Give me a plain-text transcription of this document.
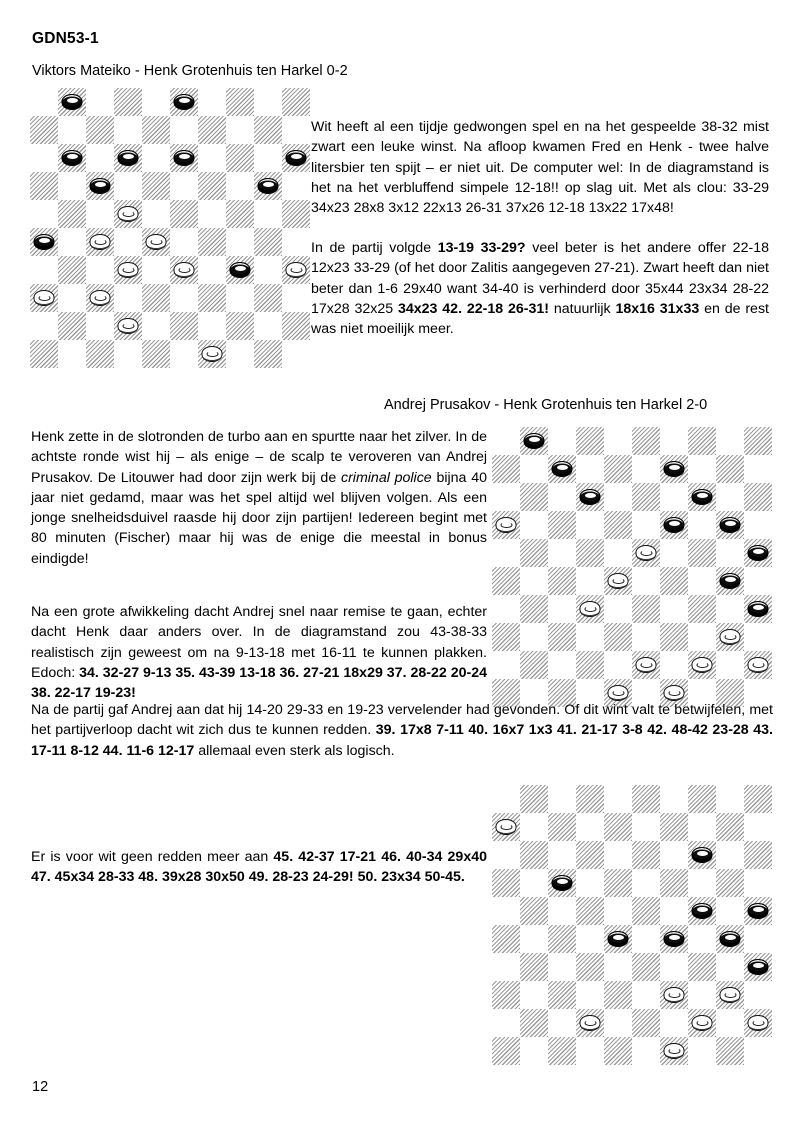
GDN53-1
Viktors Mateiko - Henk Grotenhuis ten Harkel 0-2
Wit heeft al een tijdje gedwongen spel en na het gespeelde 38-32 mist zwart een leuke winst. Na afloop kwamen Fred en Henk - twee halve litersbier ten spijt – er niet uit. De computer wel: In de diagramstand is het na het verbluffend simpele 12-18!! op slag uit. Met als clou: 33-29 34x23 28x8 3x12 22x13 26-31 37x26 12-18 13x22 17x48!
In de partij volgde 13-19 33-29? veel beter is het andere offer 22-18 12x23 33-29 (of het door Zalitis aangegeven 27-21). Zwart heeft dan niet beter dan 1-6 29x40 want 34-40 is verhinderd door 35x44 23x34 28-22 17x28 32x25 34x23 42. 22-18 26-31! natuurlijk 18x16 31x33 en de rest was niet moeilijk meer.
Andrej Prusakov - Henk Grotenhuis ten Harkel 2-0
Henk zette in de slotronden de turbo aan en spurtte naar het zilver. In de achtste ronde wist hij – als enige – de scalp te veroveren van Andrej Prusakov. De Litouwer had door zijn werk bij de criminal police bijna 40 jaar niet gedamd, maar was het spel altijd wel blijven volgen. Als een jonge snelheidsduivel raasde hij door zijn partijen! Iedereen begint met 80 minuten (Fischer) maar hij was de enige die meestal in bonus eindigde!
Na een grote afwikkeling dacht Andrej snel naar remise te gaan, echter dacht Henk daar anders over. In de diagramstand zou 43-38-33 realistisch zijn geweest om na 9-13-18 met 16-11 te kunnen plakken. Edoch: 34. 32-27 9-13 35. 43-39 13-18 36. 27-21 18x29 37. 28-22 20-24 38. 22-17 19-23!
Na de partij gaf Andrej aan dat hij 14-20 29-33 en 19-23 vervelender had gevonden. Of dit wint valt te betwijfelen, met het partijverloop dacht wit zich dus te kunnen redden. 39. 17x8 7-11 40. 16x7 1x3 41. 21-17 3-8 42. 48-42 23-28 43. 17-11 8-12 44. 11-6 12-17 allemaal even sterk als logisch.
Er is voor wit geen redden meer aan 45. 42-37 17-21 46. 40-34 29x40 47. 45x34 28-33 48. 39x28 30x50 49. 28-23 24-29! 50. 23x34 50-45.
12
